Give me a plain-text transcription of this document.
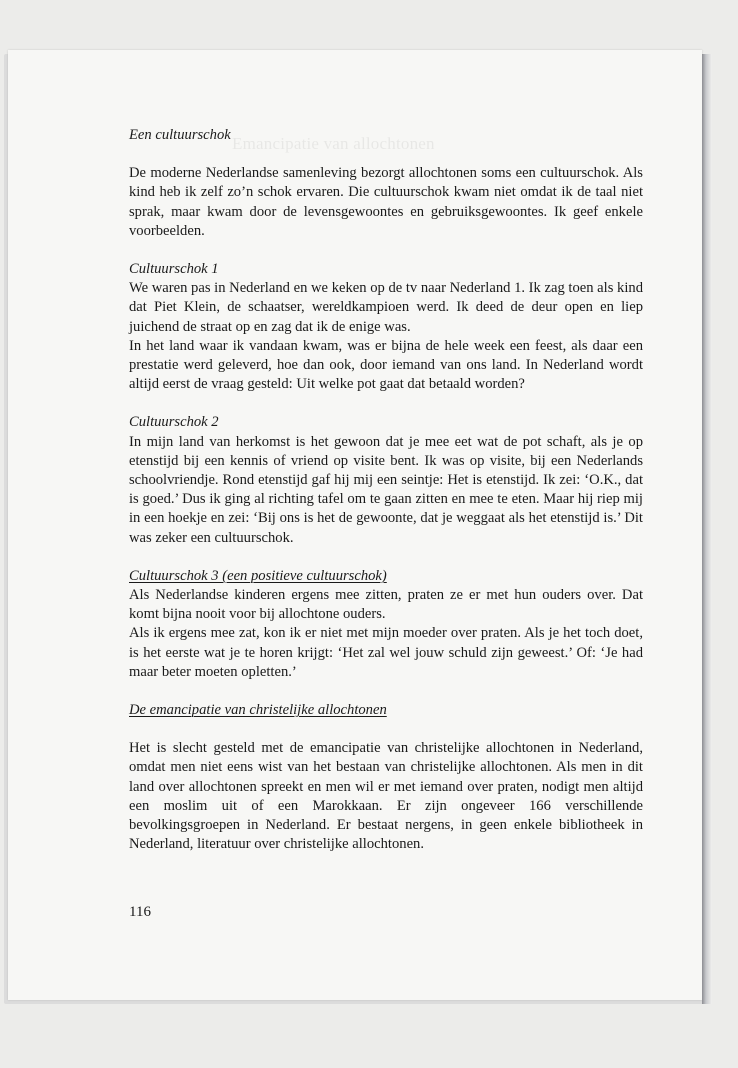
Emancipatie van allochtonen

Een cultuurschok

De moderne Nederlandse samenleving bezorgt allochtonen soms een cultuurschok. Als kind heb ik zelf zo’n schok ervaren. Die cultuurschok kwam niet omdat ik de taal niet sprak, maar kwam door de levensgewoontes en gebruiksgewoontes. Ik geef enkele voorbeelden.

Cultuurschok 1

We waren pas in Nederland en we keken op de tv naar Nederland 1. Ik zag toen als kind dat Piet Klein, de schaatser, wereldkampioen werd. Ik deed de deur open en liep juichend de straat op en zag dat ik de enige was.

In het land waar ik vandaan kwam, was er bijna de hele week een feest, als daar een prestatie werd geleverd, hoe dan ook, door iemand van ons land. In Nederland wordt altijd eerst de vraag gesteld: Uit welke pot gaat dat betaald worden?

Cultuurschok 2

In mijn land van herkomst is het gewoon dat je mee eet wat de pot schaft, als je op etenstijd bij een kennis of vriend op visite bent. Ik was op visite, bij een Nederlands schoolvriendje. Rond etenstijd gaf hij mij een seintje: Het is etenstijd. Ik zei: ‘O.K., dat is goed.’ Dus ik ging al richting tafel om te gaan zitten en mee te eten. Maar hij riep mij in een hoekje en zei: ‘Bij ons is het de gewoonte, dat je weggaat als het etenstijd is.’ Dit was zeker een cultuurschok.

Cultuurschok 3 (een positieve cultuurschok)

Als Nederlandse kinderen ergens mee zitten, praten ze er met hun ouders over. Dat komt bijna nooit voor bij allochtone ouders.

Als ik ergens mee zat, kon ik er niet met mijn moeder over praten. Als je het toch doet, is het eerste wat je te horen krijgt: ‘Het zal wel jouw schuld zijn geweest.’ Of: ‘Je had maar beter moeten opletten.’

De emancipatie van christelijke allochtonen

Het is slecht gesteld met de emancipatie van christelijke allochtonen in Nederland, omdat men niet eens wist van het bestaan van christelijke allochtonen. Als men in dit land over allochtonen spreekt en men wil er met iemand over praten, nodigt men altijd een moslim uit of een Marokkaan. Er zijn ongeveer 166 verschillende bevolkingsgroepen in Nederland. Er bestaat nergens, in geen enkele bibliotheek in Nederland, literatuur over christelijke allochtonen.

116
